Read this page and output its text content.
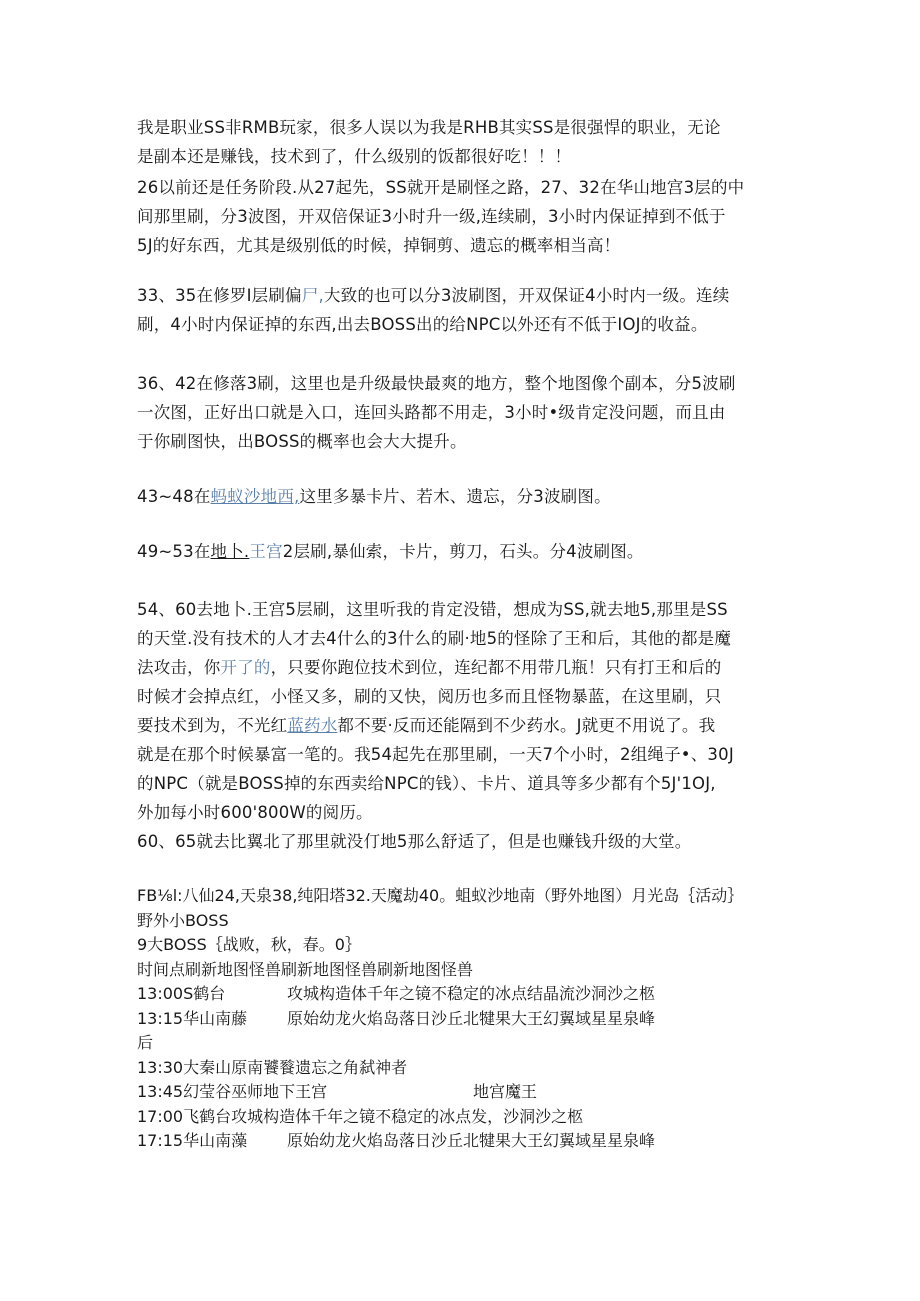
我是职业SS非RMB玩家，很多人误以为我是RHB其实SS是很强悍的职业，无论
是副本还是赚钱，技术到了，什么级别的饭都很好吃！！！
26以前还是任务阶段.从27起先，SS就开是刷怪之路，27、32在华山地宫3层的中
间那里刷，分3波图，开双倍保证3小时升一级,连续刷，3小时内保证掉到不低于
5J的好东西，尤其是级别低的时候，掉铜剪、遗忘的概率相当高！
33、35在修罗I层刷偏尸,大致的也可以分3波刷图，开双保证4小时内一级。连续
刷，4小时内保证掉的东西,出去BOSS出的给NPC以外还有不低于IOJ的收益。
36、42在修落3刷，这里也是升级最快最爽的地方，整个地图像个副本，分5波刷
一次图，正好出口就是入口，连回头路都不用走，3小时•级肯定没问题，而且由
于你刷图快，出BOSS的概率也会大大提升。
43~48在蚂蚁沙地西,这里多暴卡片、若木、遗忘，分3波刷图。
49~53在地卜.王宫2层刷,暴仙索，卡片，剪刀，石头。分4波刷图。
54、60去地卜.王宫5层刷，这里听我的肯定没错，想成为SS,就去地5,那里是SS
的天堂.没有技术的人才去4什么的3什么的刷·地5的怪除了王和后，其他的都是魔
法攻击，你开了的，只要你跑位技术到位，连纪都不用带几瓶！只有打王和后的
时候才会掉点红，小怪又多，刷的又快，阅历也多而且怪物暴蓝，在这里刷，只
要技术到为，不光红蓝药水都不要·反而还能隔到不少药水。J就更不用说了。我
就是在那个时候暴富一笔的。我54起先在那里刷，一天7个小时，2组绳子•、30J
的NPC（就是BOSS掉的东西卖给NPC的钱）、卡片、道具等多少都有个5J'1OJ,
外加每小时600'800W的阅历。
60、65就去比翼北了那里就没仃地5那么舒适了，但是也赚钱升级的大堂。
FB⅛l:八仙24,天泉38,纯阳塔32.天魔劫40。蛆蚁沙地南（野外地图）月光岛｛活动｝
野外小BOSS
9大BOSS｛战败，秋，春。0｝
时间点刷新地图怪兽刷新地图怪兽刷新地图怪兽
13:00S鹤台	攻城构造体千年之镜不稳定的冰点结晶流沙洞沙之柩
13:15华山南藤 原始幼龙火焰岛落日沙丘北犍果大王幻翼域星星泉峰
后
13:30大秦山原南饕餮遗忘之角弑神者
13:45幻莹谷巫师地下王宫	地宫魔王
17:00飞鹤台攻城构造体千年之镜不稳定的冰点发，沙洞沙之柩
17:15华山南藻 原始幼龙火焰岛落日沙丘北犍果大王幻翼域星星泉峰
